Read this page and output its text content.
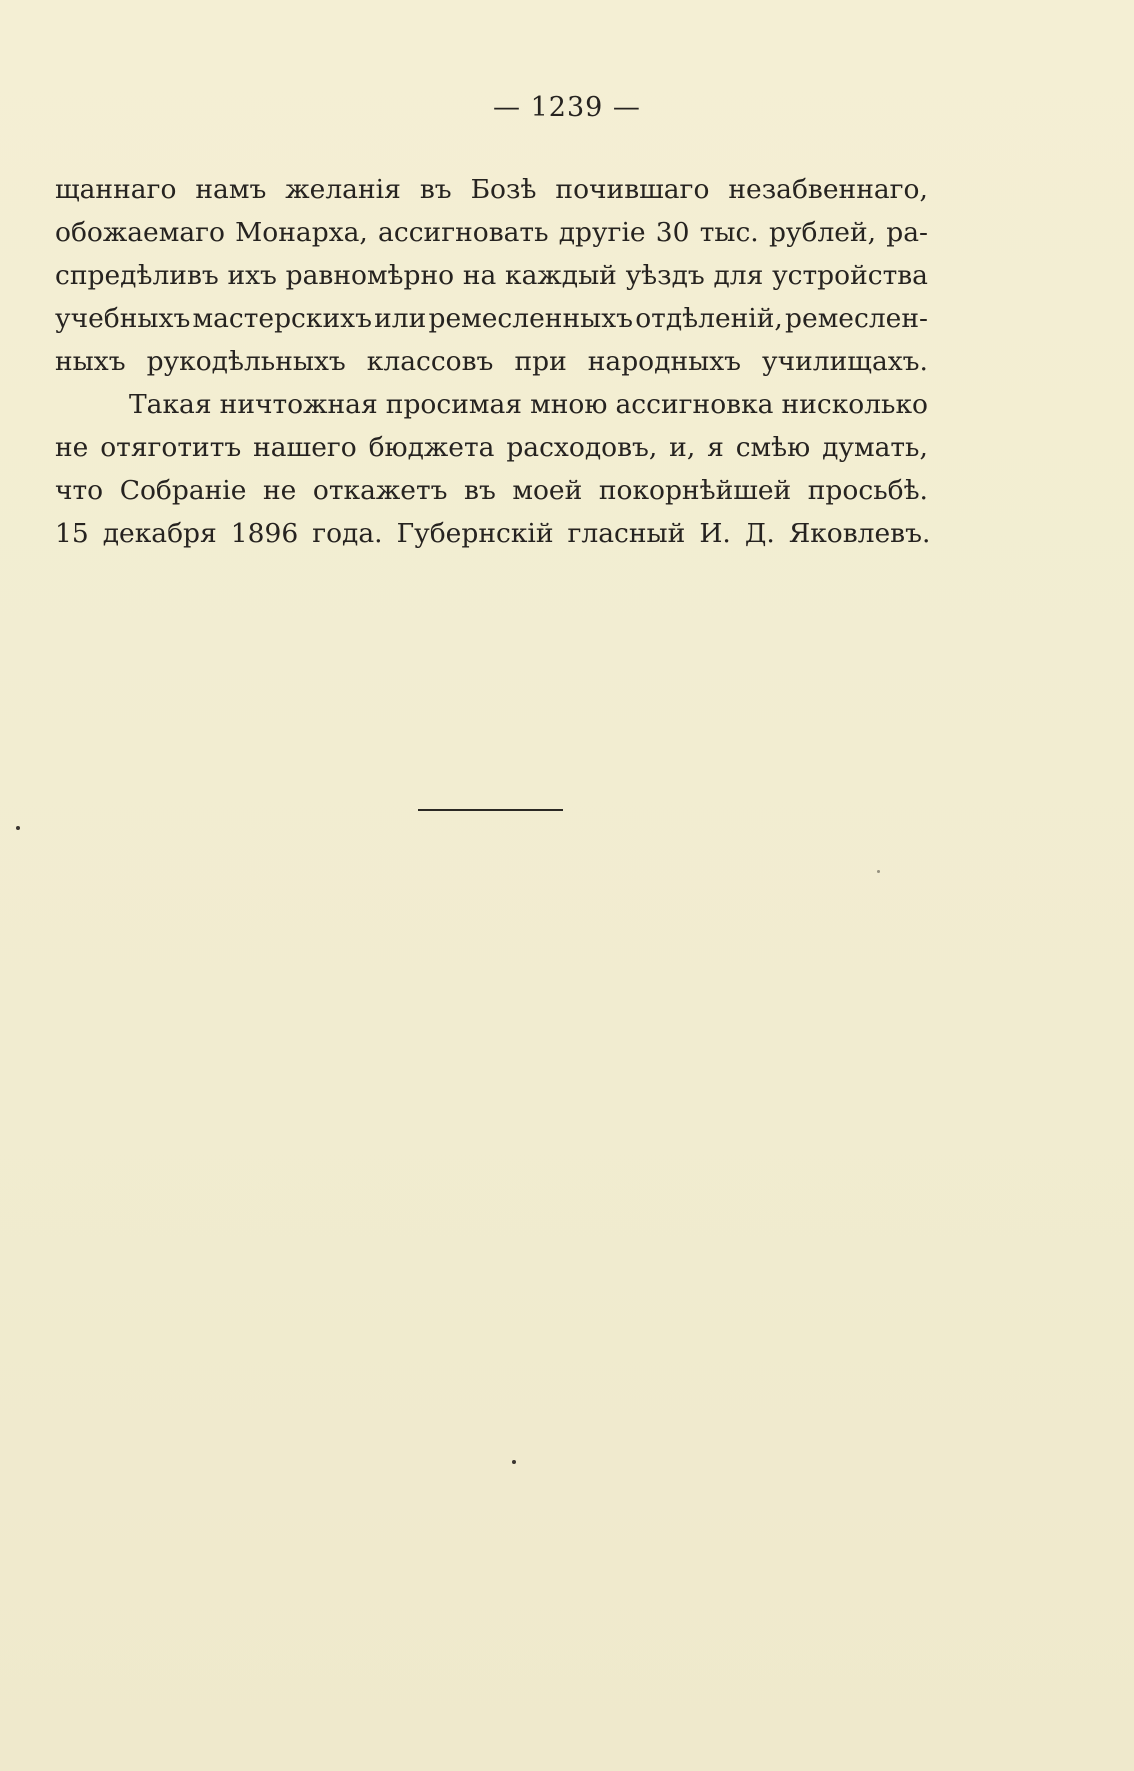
— 1239 —
щаннаго намъ желанія въ Бозѣ почившаго незабвеннаго,
обожаемаго Монарха, ассигновать другіе 30 тыс. рублей, ра-
спредѣливъ ихъ равномѣрно на каждый уѣздъ для устройства
учебныхъ мастерскихъ или ремесленныхъ отдѣленій, ремеслен-
ныхъ рукодѣльныхъ классовъ при народныхъ училищахъ.
Такая ничтожная просимая мною ассигновка нисколько
не отяготитъ нашего бюджета расходовъ, и, я смѣю думать,
что Собраніе не откажетъ въ моей покорнѣйшей просьбѣ.
15 декабря 1896 года. Губернскій гласный И. Д. Яковлевъ.
